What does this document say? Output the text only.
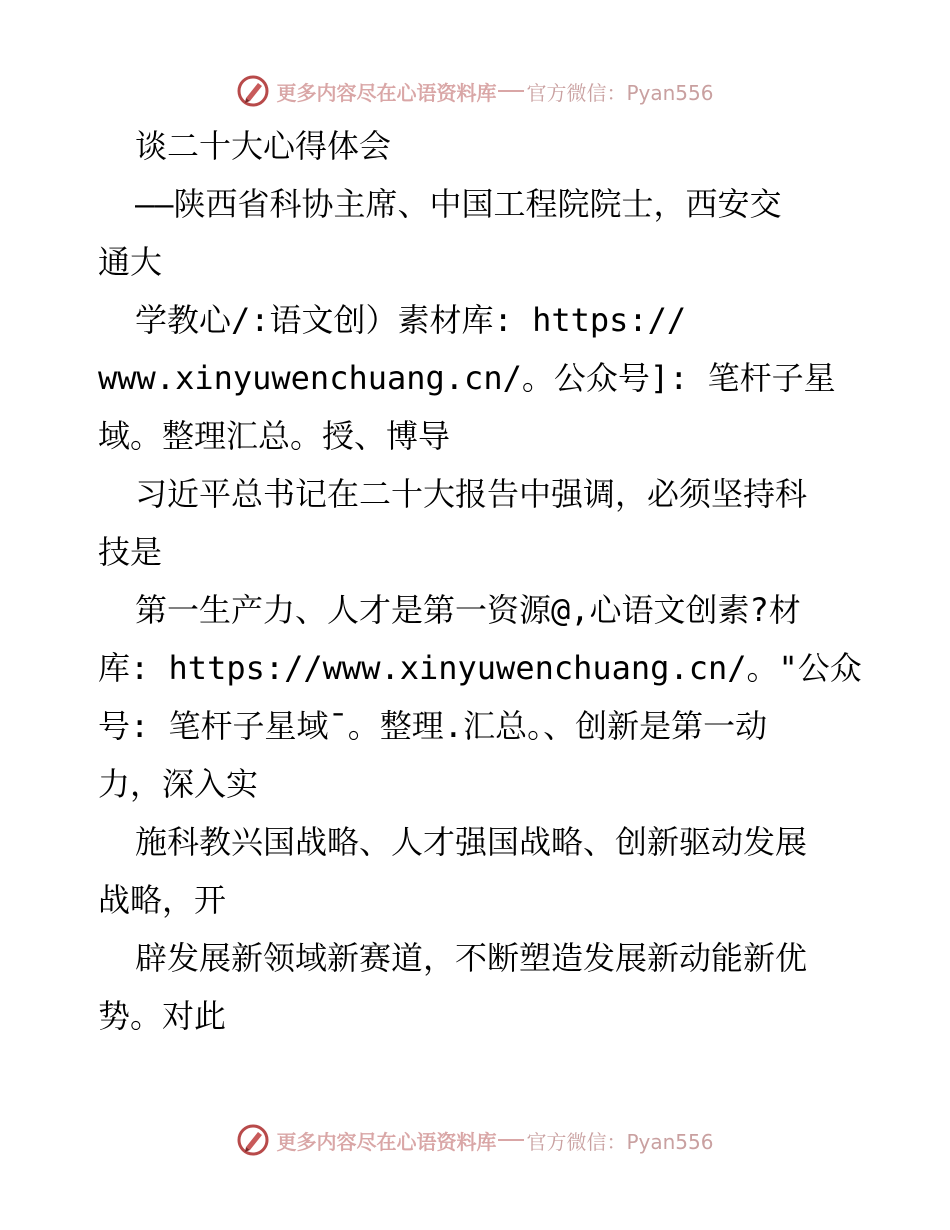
更多内容尽在心语资料库 官方微信：Pyan556
谈二十大心得体会
——陕西省科协主席、中国工程院院士，西安交
通大
学教心/:语文创）素材库: https://
www.xinyuwenchuang.cn/。公众号]: 笔杆子星
域。整理汇总。授、博导
习近平总书记在二十大报告中强调，必须坚持科
技是
第一生产力、人才是第一资源@,心语文创素?材
库: https://www.xinyuwenchuang.cn/。"公众
号: 笔杆子星域¯。整理.汇总。、创新是第一动
力，深入实
施科教兴国战略、人才强国战略、创新驱动发展
战略，开
辟发展新领域新赛道，不断塑造发展新动能新优
势。对此
更多内容尽在心语资料库 官方微信：Pyan556
